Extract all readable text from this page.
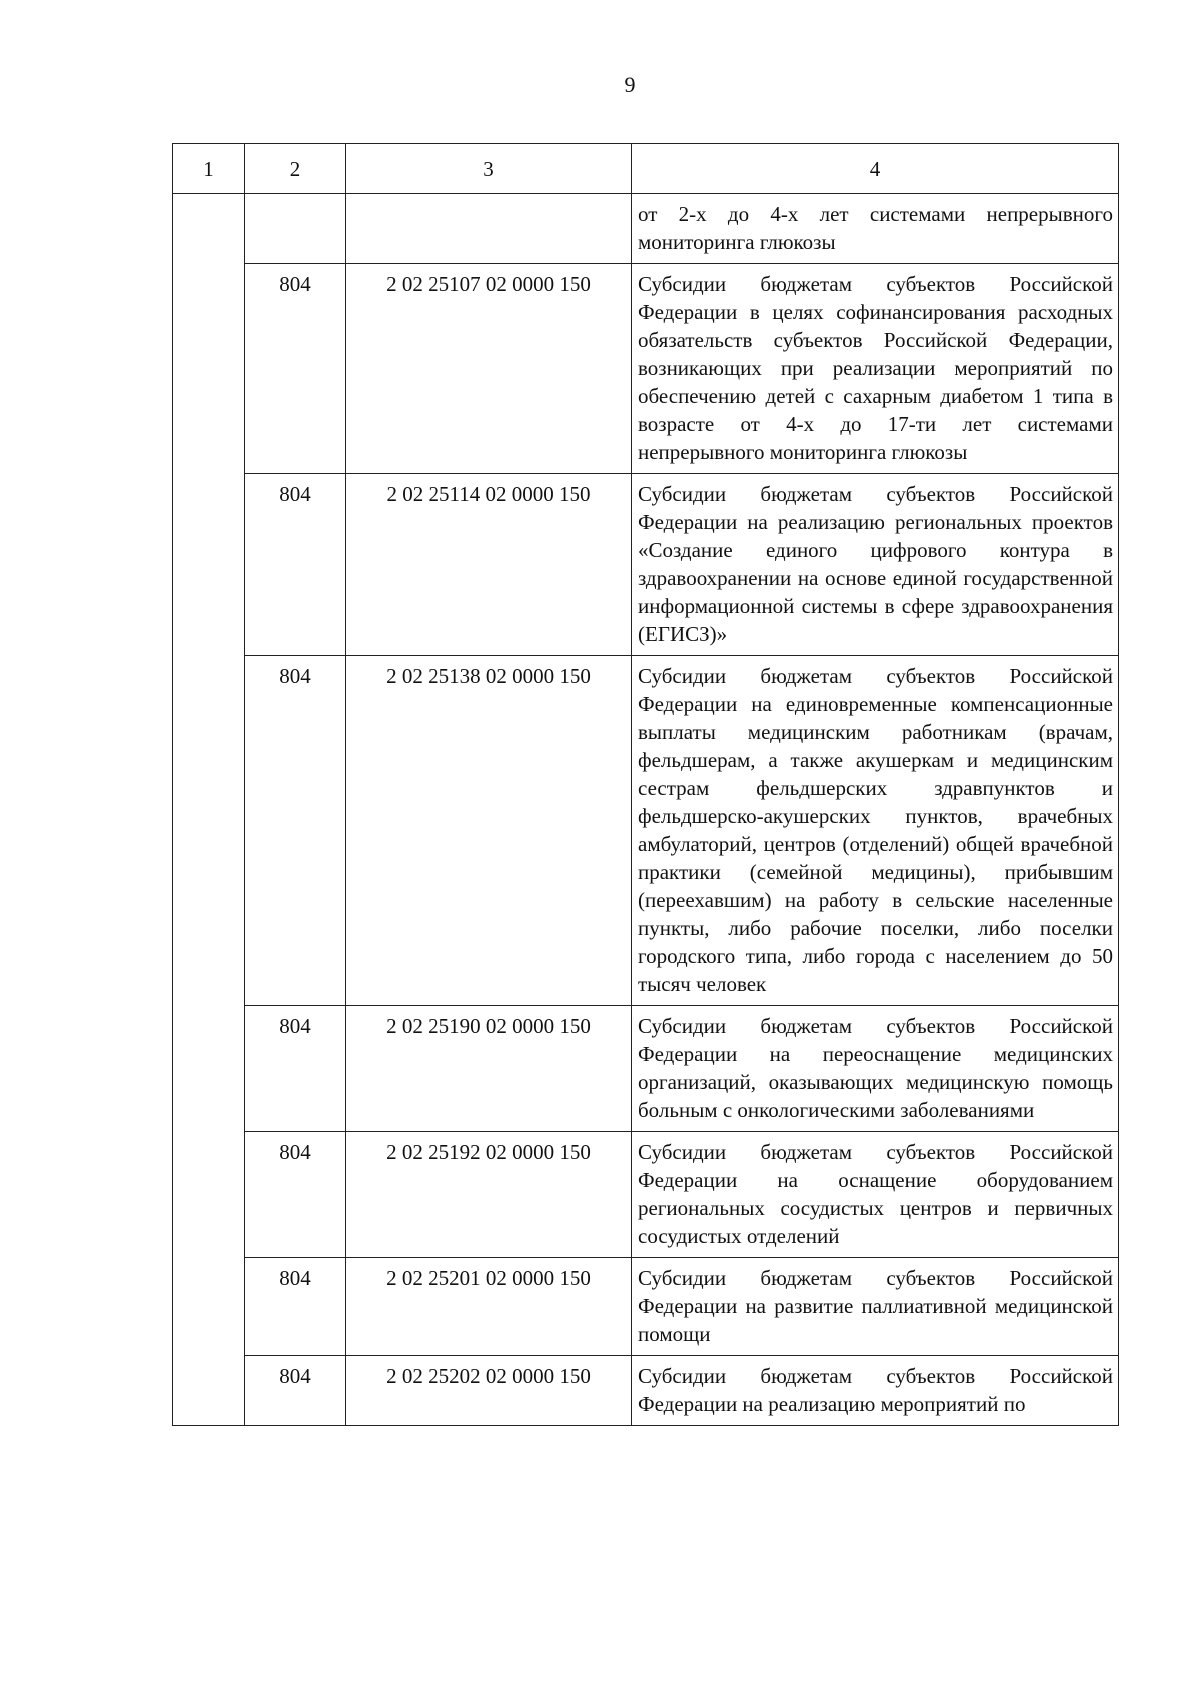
9
1	2	3	4
			от 2-х до 4-х лет системами непрерывного мониторинга глюкозы
	804	2 02 25107 02 0000 150	Субсидии бюджетам субъектов Российской Федерации в целях софинансирования расходных обязательств субъектов Российской Федерации, возникающих при реализации мероприятий по обеспечению детей с сахарным диабетом 1 типа в возрасте от 4-х до 17-ти лет системами непрерывного мониторинга глюкозы
	804	2 02 25114 02 0000 150	Субсидии бюджетам субъектов Российской Федерации на реализацию региональных проектов «Создание единого цифрового контура в здравоохранении на основе единой государственной информационной системы в сфере здравоохранения (ЕГИСЗ)»
	804	2 02 25138 02 0000 150	Субсидии бюджетам субъектов Российской Федерации на единовременные компенсационные выплаты медицинским работникам (врачам, фельдшерам, а также акушеркам и медицинским сестрам фельдшерских здравпунктов и фельдшерско-акушерских пунктов, врачебных амбулаторий, центров (отделений) общей врачебной практики (семейной медицины), прибывшим (переехавшим) на работу в сельские населенные пункты, либо рабочие поселки, либо поселки городского типа, либо города с населением до 50 тысяч человек
	804	2 02 25190 02 0000 150	Субсидии бюджетам субъектов Российской Федерации на переоснащение медицинских организаций, оказывающих медицинскую помощь больным с онкологическими заболеваниями
	804	2 02 25192 02 0000 150	Субсидии бюджетам субъектов Российской Федерации на оснащение оборудованием региональных сосудистых центров и первичных сосудистых отделений
	804	2 02 25201 02 0000 150	Субсидии бюджетам субъектов Российской Федерации на развитие паллиативной медицинской помощи
	804	2 02 25202 02 0000 150	Субсидии бюджетам субъектов Российской Федерации на реализацию мероприятий по
